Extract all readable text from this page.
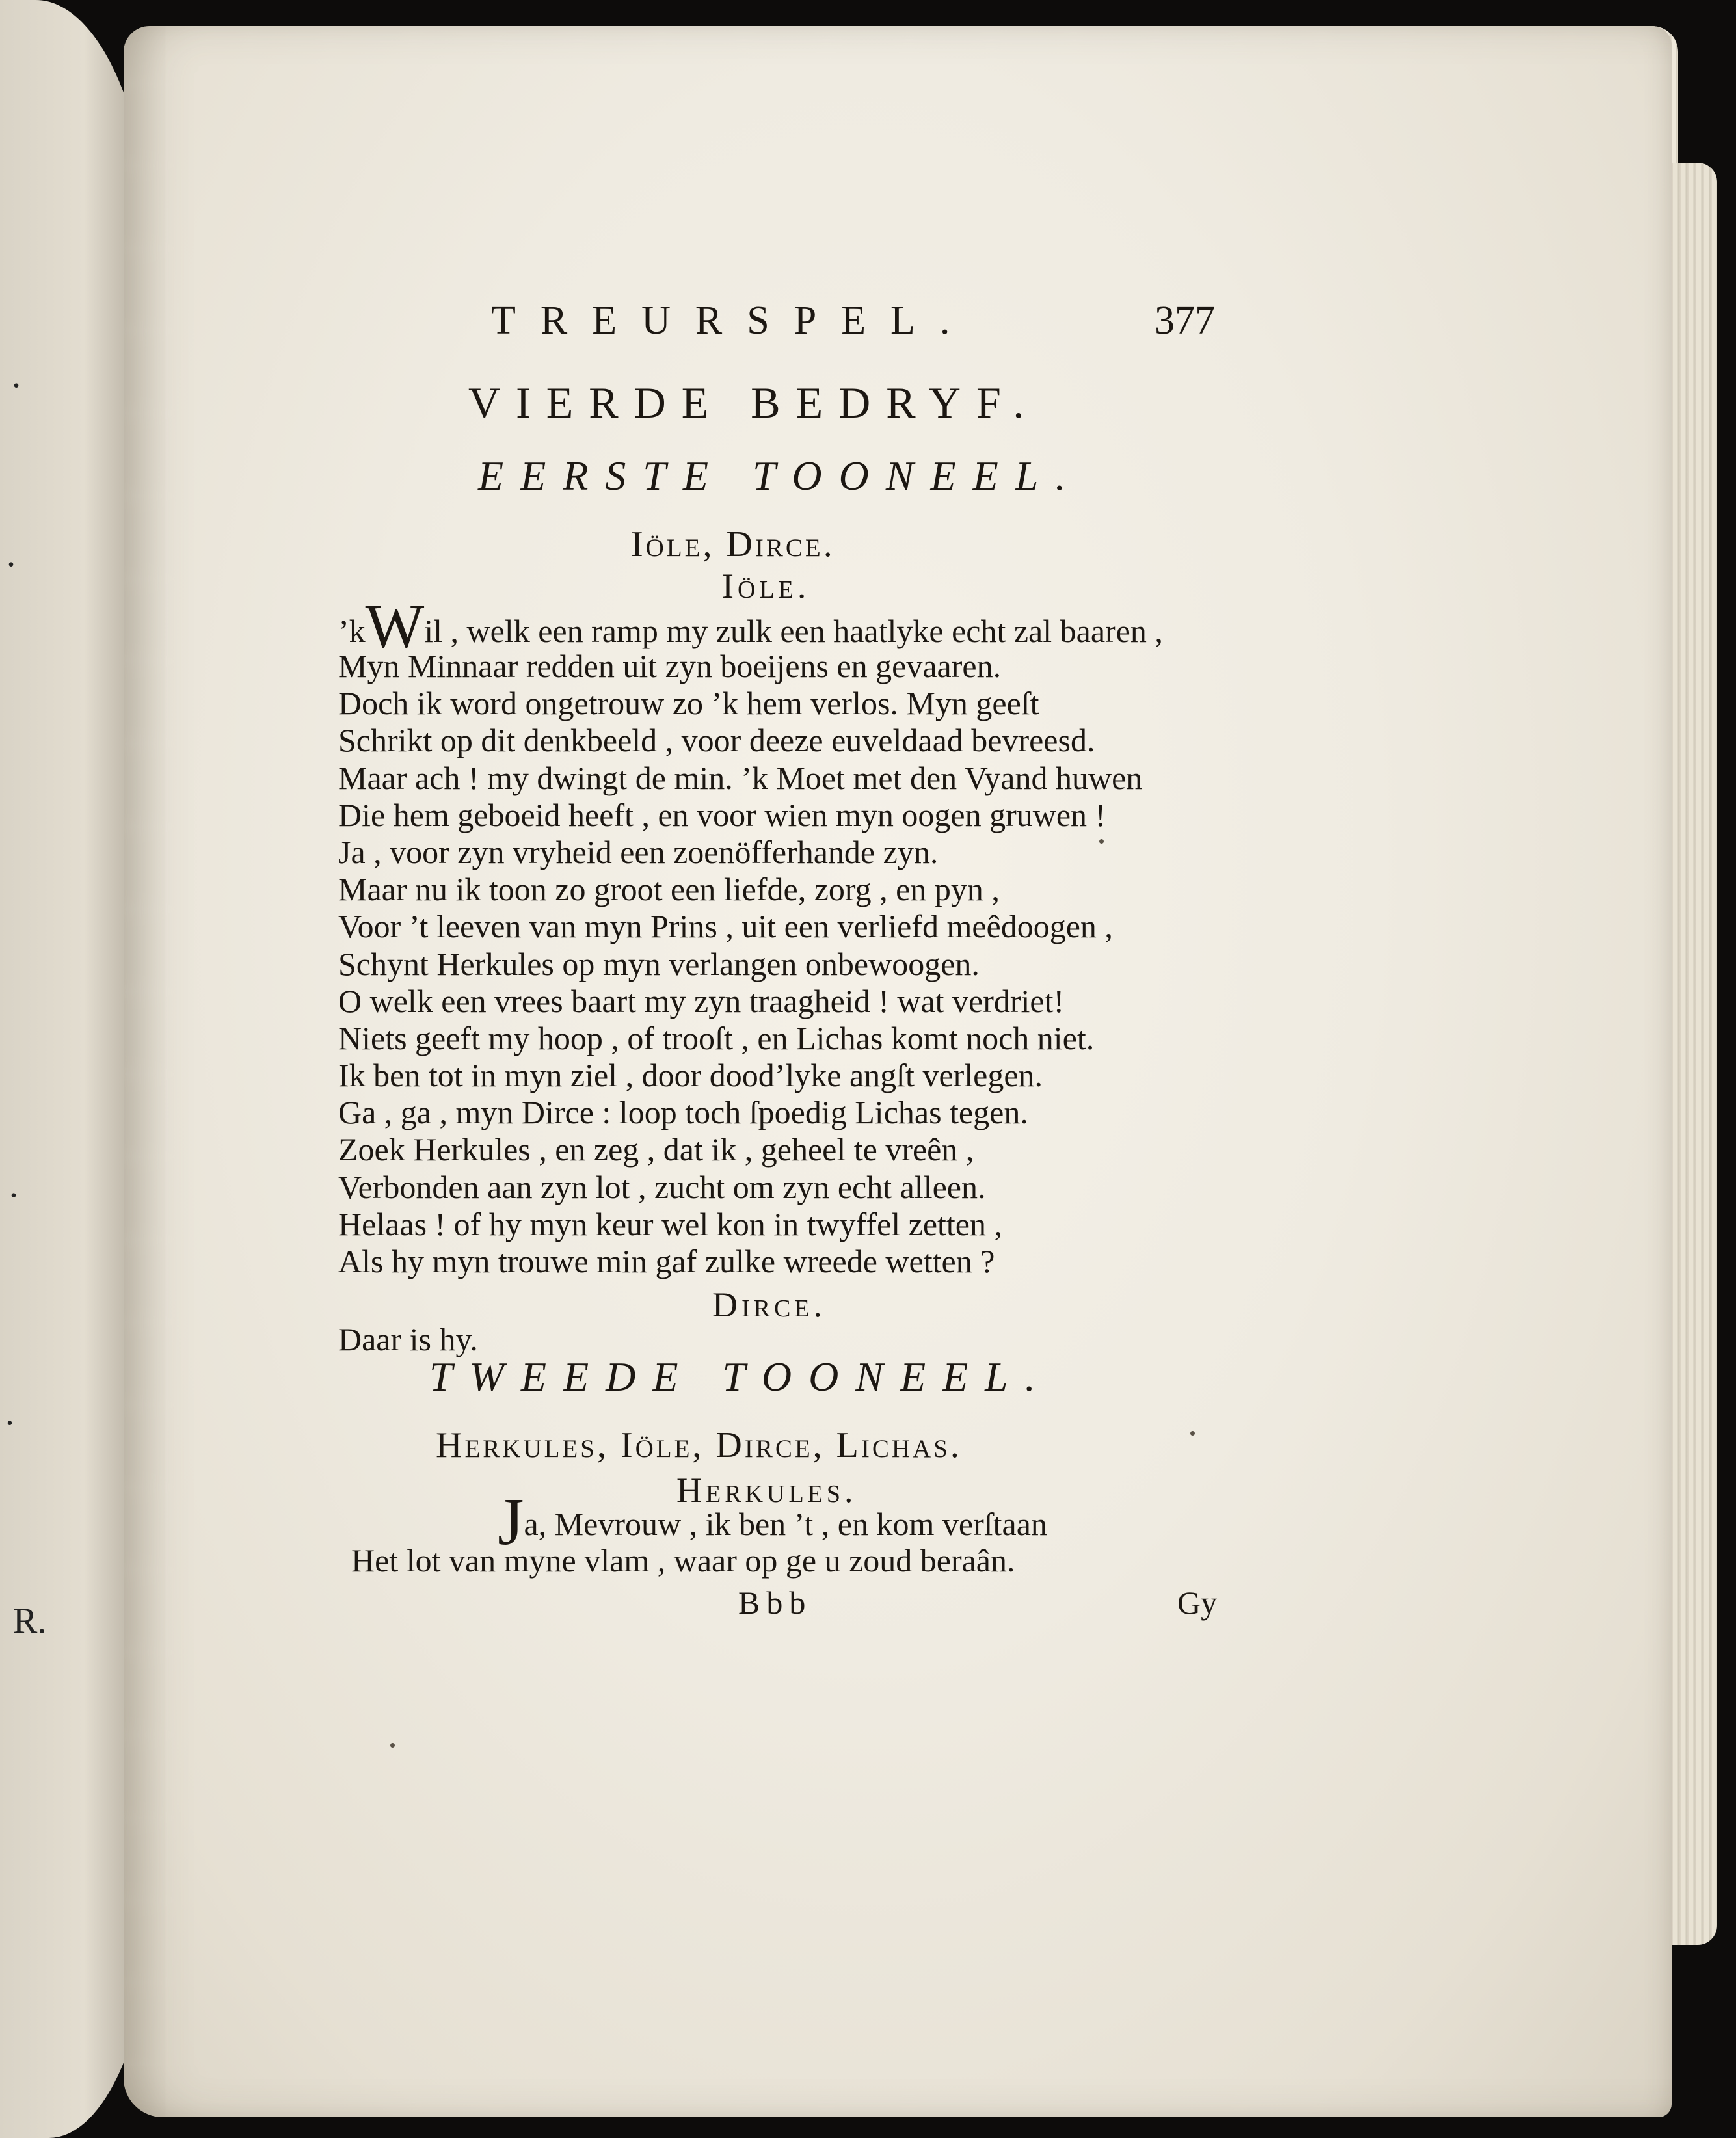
.
.
.
.
R.
TREURSPEL.	377
VIERDE BEDRYF.
EERSTE TOONEEL.
Iöle, Dirce.
Iöle.
’kWil , welk een ramp my zulk een haatlyke echt zal baaren ,
Myn Minnaar redden uit zyn boeijens en gevaaren.
Doch ik word ongetrouw zo ’k hem verlos. Myn geeſt
Schrikt op dit denkbeeld , voor deeze euveldaad bevreesd.
Maar ach ! my dwingt de min. ’k Moet met den Vyand huwen
Die hem geboeid heeft , en voor wien myn oogen gruwen !
Ja , voor zyn vryheid een zoenöfferhande zyn.
Maar nu ik toon zo groot een liefde, zorg , en pyn ,
Voor ’t leeven van myn Prins , uit een verliefd meêdoogen ,
Schynt Herkules op myn verlangen onbewoogen.
O welk een vrees baart my zyn traagheid ! wat verdriet!
Niets geeft my hoop , of trooſt , en Lichas komt noch niet.
Ik ben tot in myn ziel , door dood’lyke angſt verlegen.
Ga , ga , myn Dirce : loop toch ſpoedig Lichas tegen.
Zoek Herkules , en zeg , dat ik , geheel te vreên ,
Verbonden aan zyn lot , zucht om zyn echt alleen.
Helaas ! of hy myn keur wel kon in twyffel zetten ,
Als hy myn trouwe min gaf zulke wreede wetten ?
Dirce.
Daar is hy.
TWEEDE TOONEEL.
Herkules, Iöle, Dirce, Lichas.
Herkules.
Ja, Mevrouw , ik ben ’t , en kom verſtaan
Het lot van myne vlam , waar op ge u zoud beraân.
Bbb	Gy
